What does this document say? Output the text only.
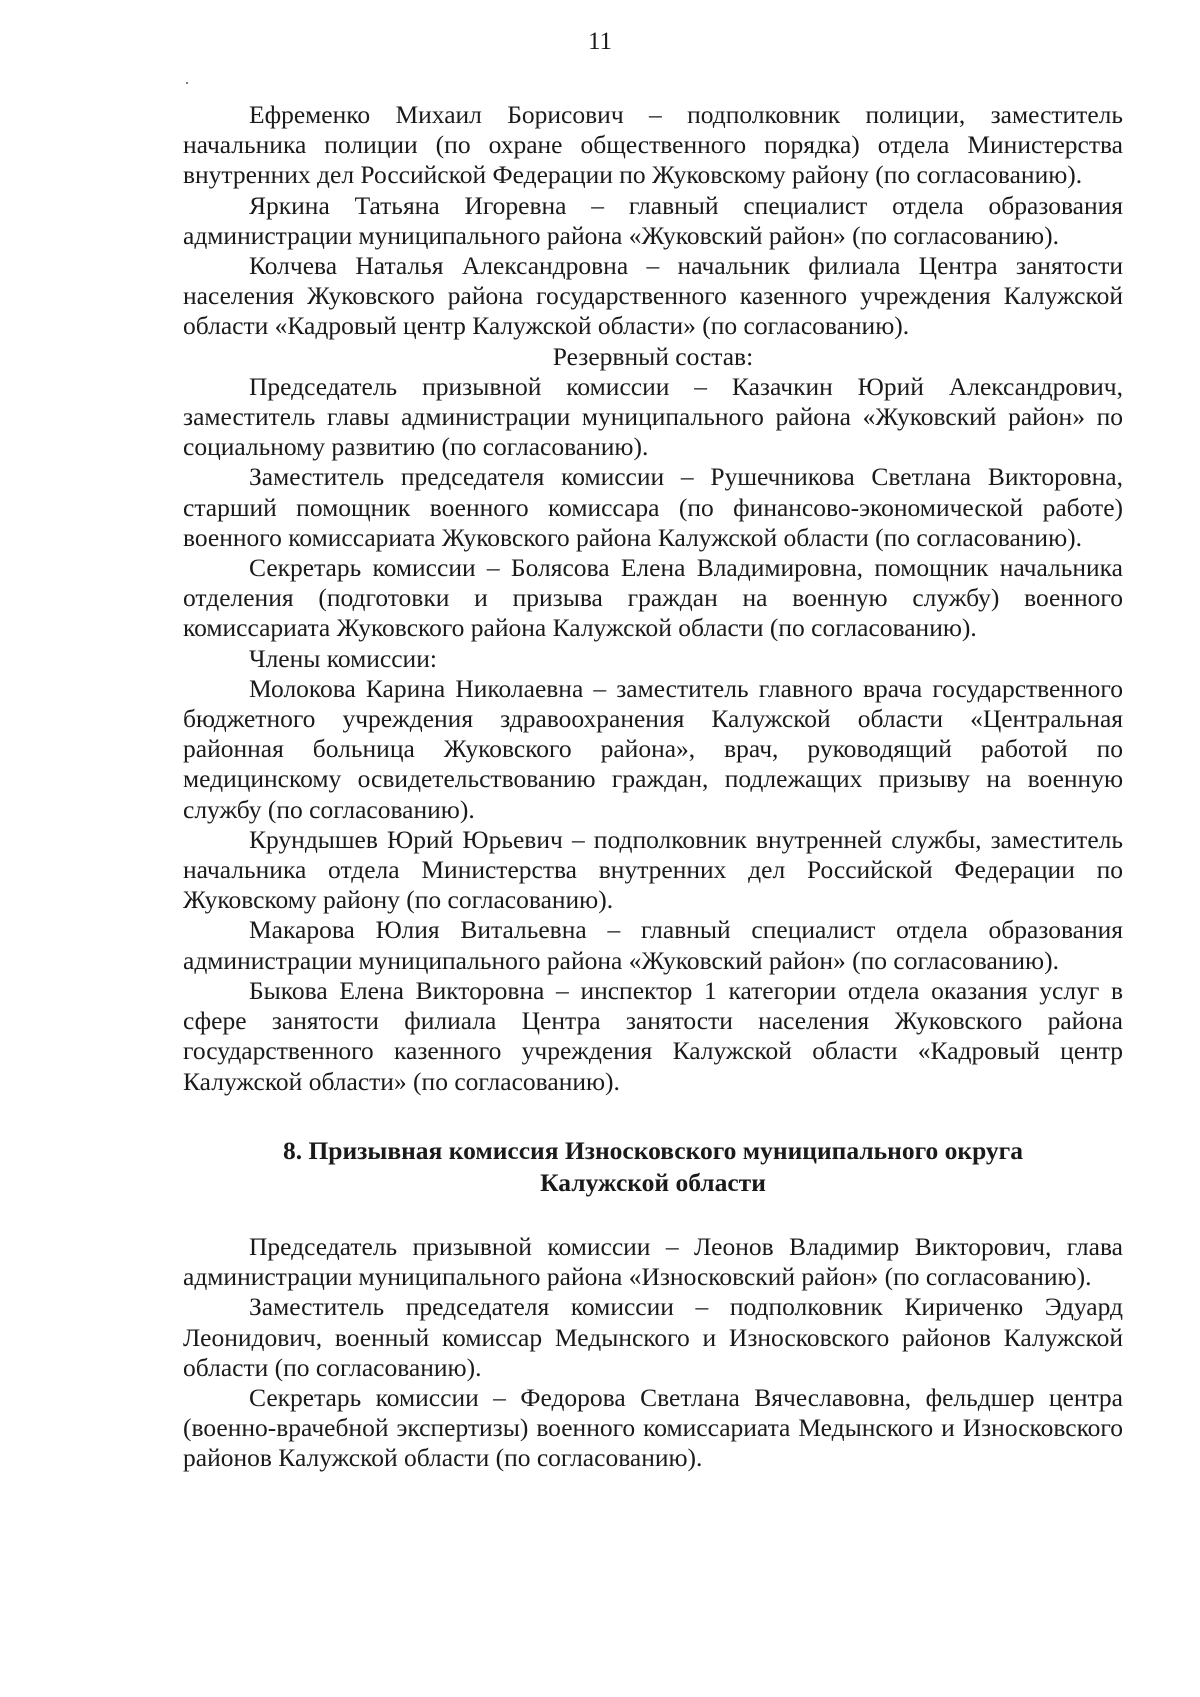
11

Ефременко Михаил Борисович – подполковник полиции, заместитель начальника полиции (по охране общественного порядка) отдела Министерства внутренних дел Российской Федерации по Жуковскому району (по согласованию).

Яркина Татьяна Игоревна – главный специалист отдела образования администрации муниципального района «Жуковский район» (по согласованию).

Колчева Наталья Александровна – начальник филиала Центра занятости населения Жуковского района государственного казенного учреждения Калужской области «Кадровый центр Калужской области» (по согласованию).

Резервный состав:

Председатель призывной комиссии – Казачкин Юрий Александрович, заместитель главы администрации муниципального района «Жуковский район» по социальному развитию (по согласованию).

Заместитель председателя комиссии – Рушечникова Светлана Викторовна, старший помощник военного комиссара (по финансово-экономической работе) военного комиссариата Жуковского района Калужской области (по согласованию).

Секретарь комиссии – Болясова Елена Владимировна, помощник начальника отделения (подготовки и призыва граждан на военную службу) военного комиссариата Жуковского района Калужской области (по согласованию).

Члены комиссии:

Молокова Карина Николаевна – заместитель главного врача государственного бюджетного учреждения здравоохранения Калужской области «Центральная районная больница Жуковского района», врач, руководящий работой по медицинскому освидетельствованию граждан, подлежащих призыву на военную службу (по согласованию).

Крундышев Юрий Юрьевич – подполковник внутренней службы, заместитель начальника отдела Министерства внутренних дел Российской Федерации по Жуковскому району (по согласованию).

Макарова Юлия Витальевна – главный специалист отдела образования администрации муниципального района «Жуковский район» (по согласованию).

Быкова Елена Викторовна – инспектор 1 категории отдела оказания услуг в сфере занятости филиала Центра занятости населения Жуковского района государственного казенного учреждения Калужской области «Кадровый центр Калужской области» (по согласованию).

8. Призывная комиссия Износковского муниципального округа
Калужской области

Председатель призывной комиссии – Леонов Владимир Викторович, глава администрации муниципального района «Износковский район» (по согласованию).

Заместитель председателя комиссии – подполковник Кириченко Эдуард Леонидович, военный комиссар Медынского и Износковского районов Калужской области (по согласованию).

Секретарь комиссии – Федорова Светлана Вячеславовна, фельдшер центра (военно-врачебной экспертизы) военного комиссариата Медынского и Износковского районов Калужской области (по согласованию).
